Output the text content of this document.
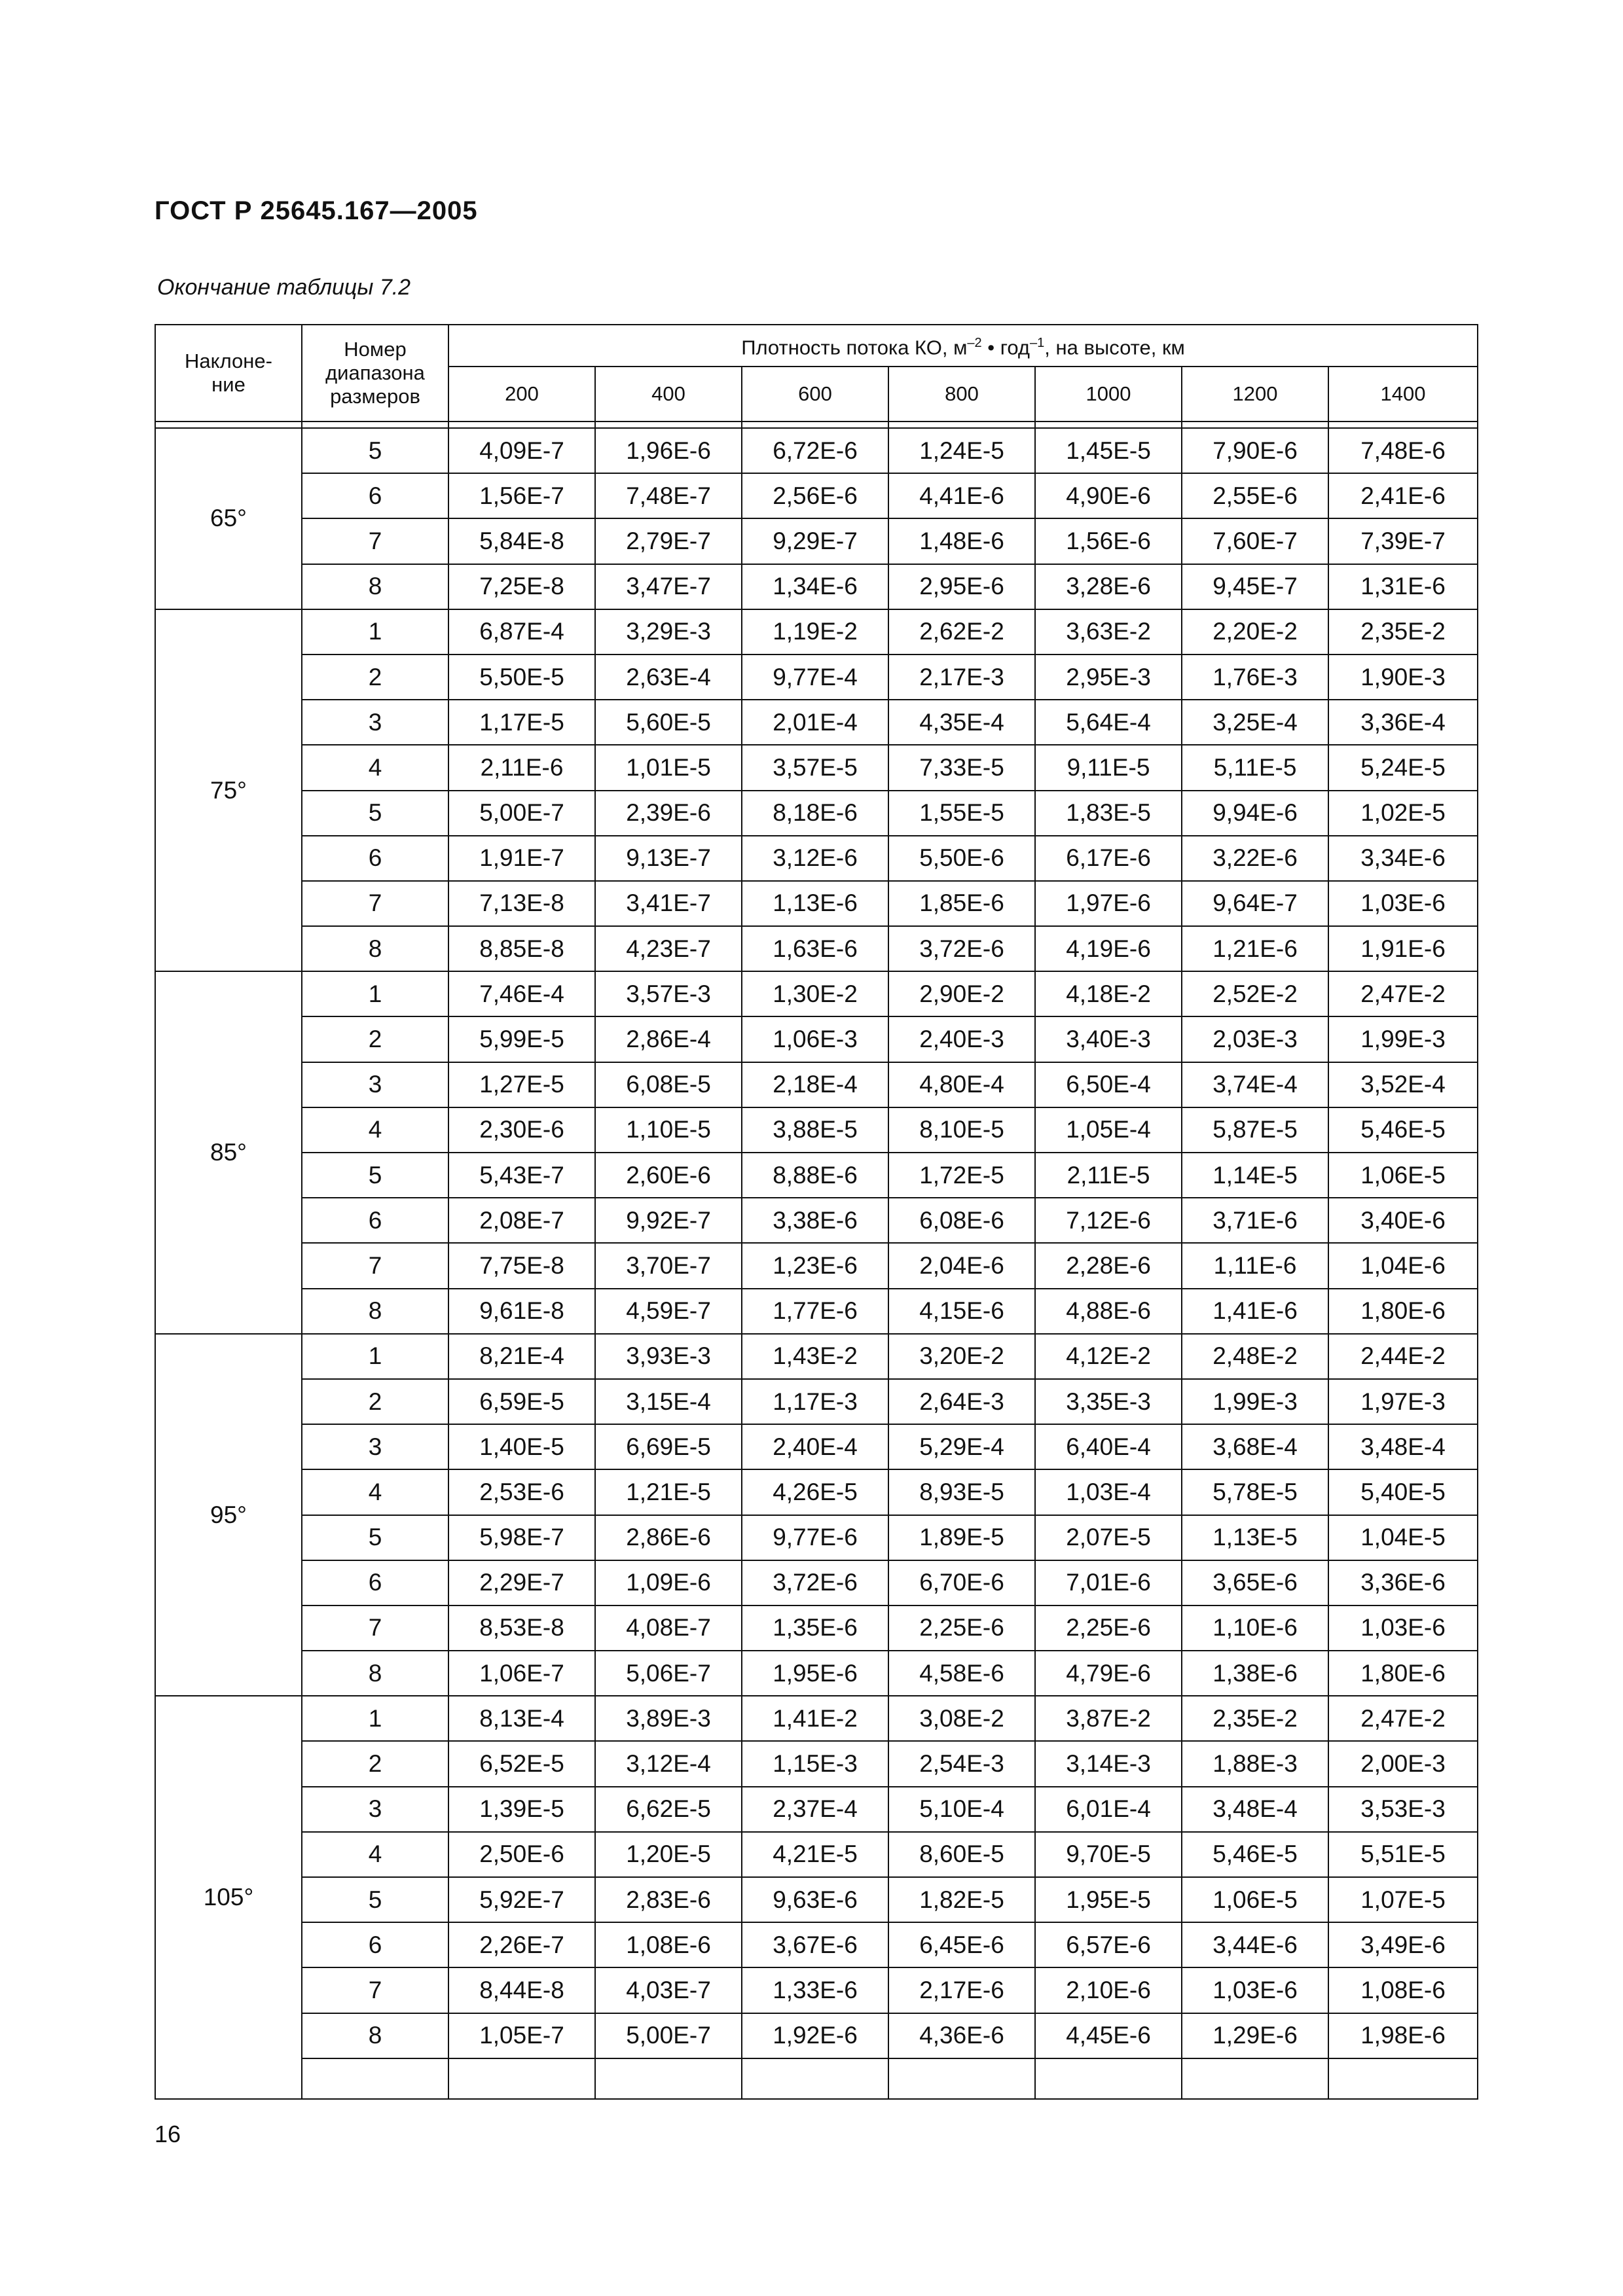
ГОСТ Р 25645.167—2005
Окончание таблицы 7.2
Наклоне-ние	Номер диапазона размеров	Плотность потока КО, $м^{-2}$ • год$^{-1}$, на высоте, км						
		200	400	600	800	1000	1200	1400

65°	5	4,09E-7	1,96E-6	6,72E-6	1,24E-5	1,45E-5	7,90E-6	7,48E-6
	6	1,56E-7	7,48E-7	2,56E-6	4,41E-6	4,90E-6	2,55E-6	2,41E-6
	7	5,84E-8	2,79E-7	9,29E-7	1,48E-6	1,56E-6	7,60E-7	7,39E-7
	8	7,25E-8	3,47E-7	1,34E-6	2,95E-6	3,28E-6	9,45E-7	1,31E-6
75°	1	6,87E-4	3,29E-3	1,19E-2	2,62E-2	3,63E-2	2,20E-2	2,35E-2
	2	5,50E-5	2,63E-4	9,77E-4	2,17E-3	2,95E-3	1,76E-3	1,90E-3
	3	1,17E-5	5,60E-5	2,01E-4	4,35E-4	5,64E-4	3,25E-4	3,36E-4
	4	2,11E-6	1,01E-5	3,57E-5	7,33E-5	9,11E-5	5,11E-5	5,24E-5
	5	5,00E-7	2,39E-6	8,18E-6	1,55E-5	1,83E-5	9,94E-6	1,02E-5
	6	1,91E-7	9,13E-7	3,12E-6	5,50E-6	6,17E-6	3,22E-6	3,34E-6
	7	7,13E-8	3,41E-7	1,13E-6	1,85E-6	1,97E-6	9,64E-7	1,03E-6
	8	8,85E-8	4,23E-7	1,63E-6	3,72E-6	4,19E-6	1,21E-6	1,91E-6
85°	1	7,46E-4	3,57E-3	1,30E-2	2,90E-2	4,18E-2	2,52E-2	2,47E-2
	2	5,99E-5	2,86E-4	1,06E-3	2,40E-3	3,40E-3	2,03E-3	1,99E-3
	3	1,27E-5	6,08E-5	2,18E-4	4,80E-4	6,50E-4	3,74E-4	3,52E-4
	4	2,30E-6	1,10E-5	3,88E-5	8,10E-5	1,05E-4	5,87E-5	5,46E-5
	5	5,43E-7	2,60E-6	8,88E-6	1,72E-5	2,11E-5	1,14E-5	1,06E-5
	6	2,08E-7	9,92E-7	3,38E-6	6,08E-6	7,12E-6	3,71E-6	3,40E-6
	7	7,75E-8	3,70E-7	1,23E-6	2,04E-6	2,28E-6	1,11E-6	1,04E-6
	8	9,61E-8	4,59E-7	1,77E-6	4,15E-6	4,88E-6	1,41E-6	1,80E-6
95°	1	8,21E-4	3,93E-3	1,43E-2	3,20E-2	4,12E-2	2,48E-2	2,44E-2
	2	6,59E-5	3,15E-4	1,17E-3	2,64E-3	3,35E-3	1,99E-3	1,97E-3
	3	1,40E-5	6,69E-5	2,40E-4	5,29E-4	6,40E-4	3,68E-4	3,48E-4
	4	2,53E-6	1,21E-5	4,26E-5	8,93E-5	1,03E-4	5,78E-5	5,40E-5
	5	5,98E-7	2,86E-6	9,77E-6	1,89E-5	2,07E-5	1,13E-5	1,04E-5
	6	2,29E-7	1,09E-6	3,72E-6	6,70E-6	7,01E-6	3,65E-6	3,36E-6
	7	8,53E-8	4,08E-7	1,35E-6	2,25E-6	2,25E-6	1,10E-6	1,03E-6
	8	1,06E-7	5,06E-7	1,95E-6	4,58E-6	4,79E-6	1,38E-6	1,80E-6
105°	1	8,13E-4	3,89E-3	1,41E-2	3,08E-2	3,87E-2	2,35E-2	2,47E-2
	2	6,52E-5	3,12E-4	1,15E-3	2,54E-3	3,14E-3	1,88E-3	2,00E-3
	3	1,39E-5	6,62E-5	2,37E-4	5,10E-4	6,01E-4	3,48E-4	3,53E-3
	4	2,50E-6	1,20E-5	4,21E-5	8,60E-5	9,70E-5	5,46E-5	5,51E-5
	5	5,92E-7	2,83E-6	9,63E-6	1,82E-5	1,95E-5	1,06E-5	1,07E-5
	6	2,26E-7	1,08E-6	3,67E-6	6,45E-6	6,57E-6	3,44E-6	3,49E-6
	7	8,44E-8	4,03E-7	1,33E-6	2,17E-6	2,10E-6	1,03E-6	1,08E-6
	8	1,05E-7	5,00E-7	1,92E-6	4,36E-6	4,45E-6	1,29E-6	1,98E-6

16
